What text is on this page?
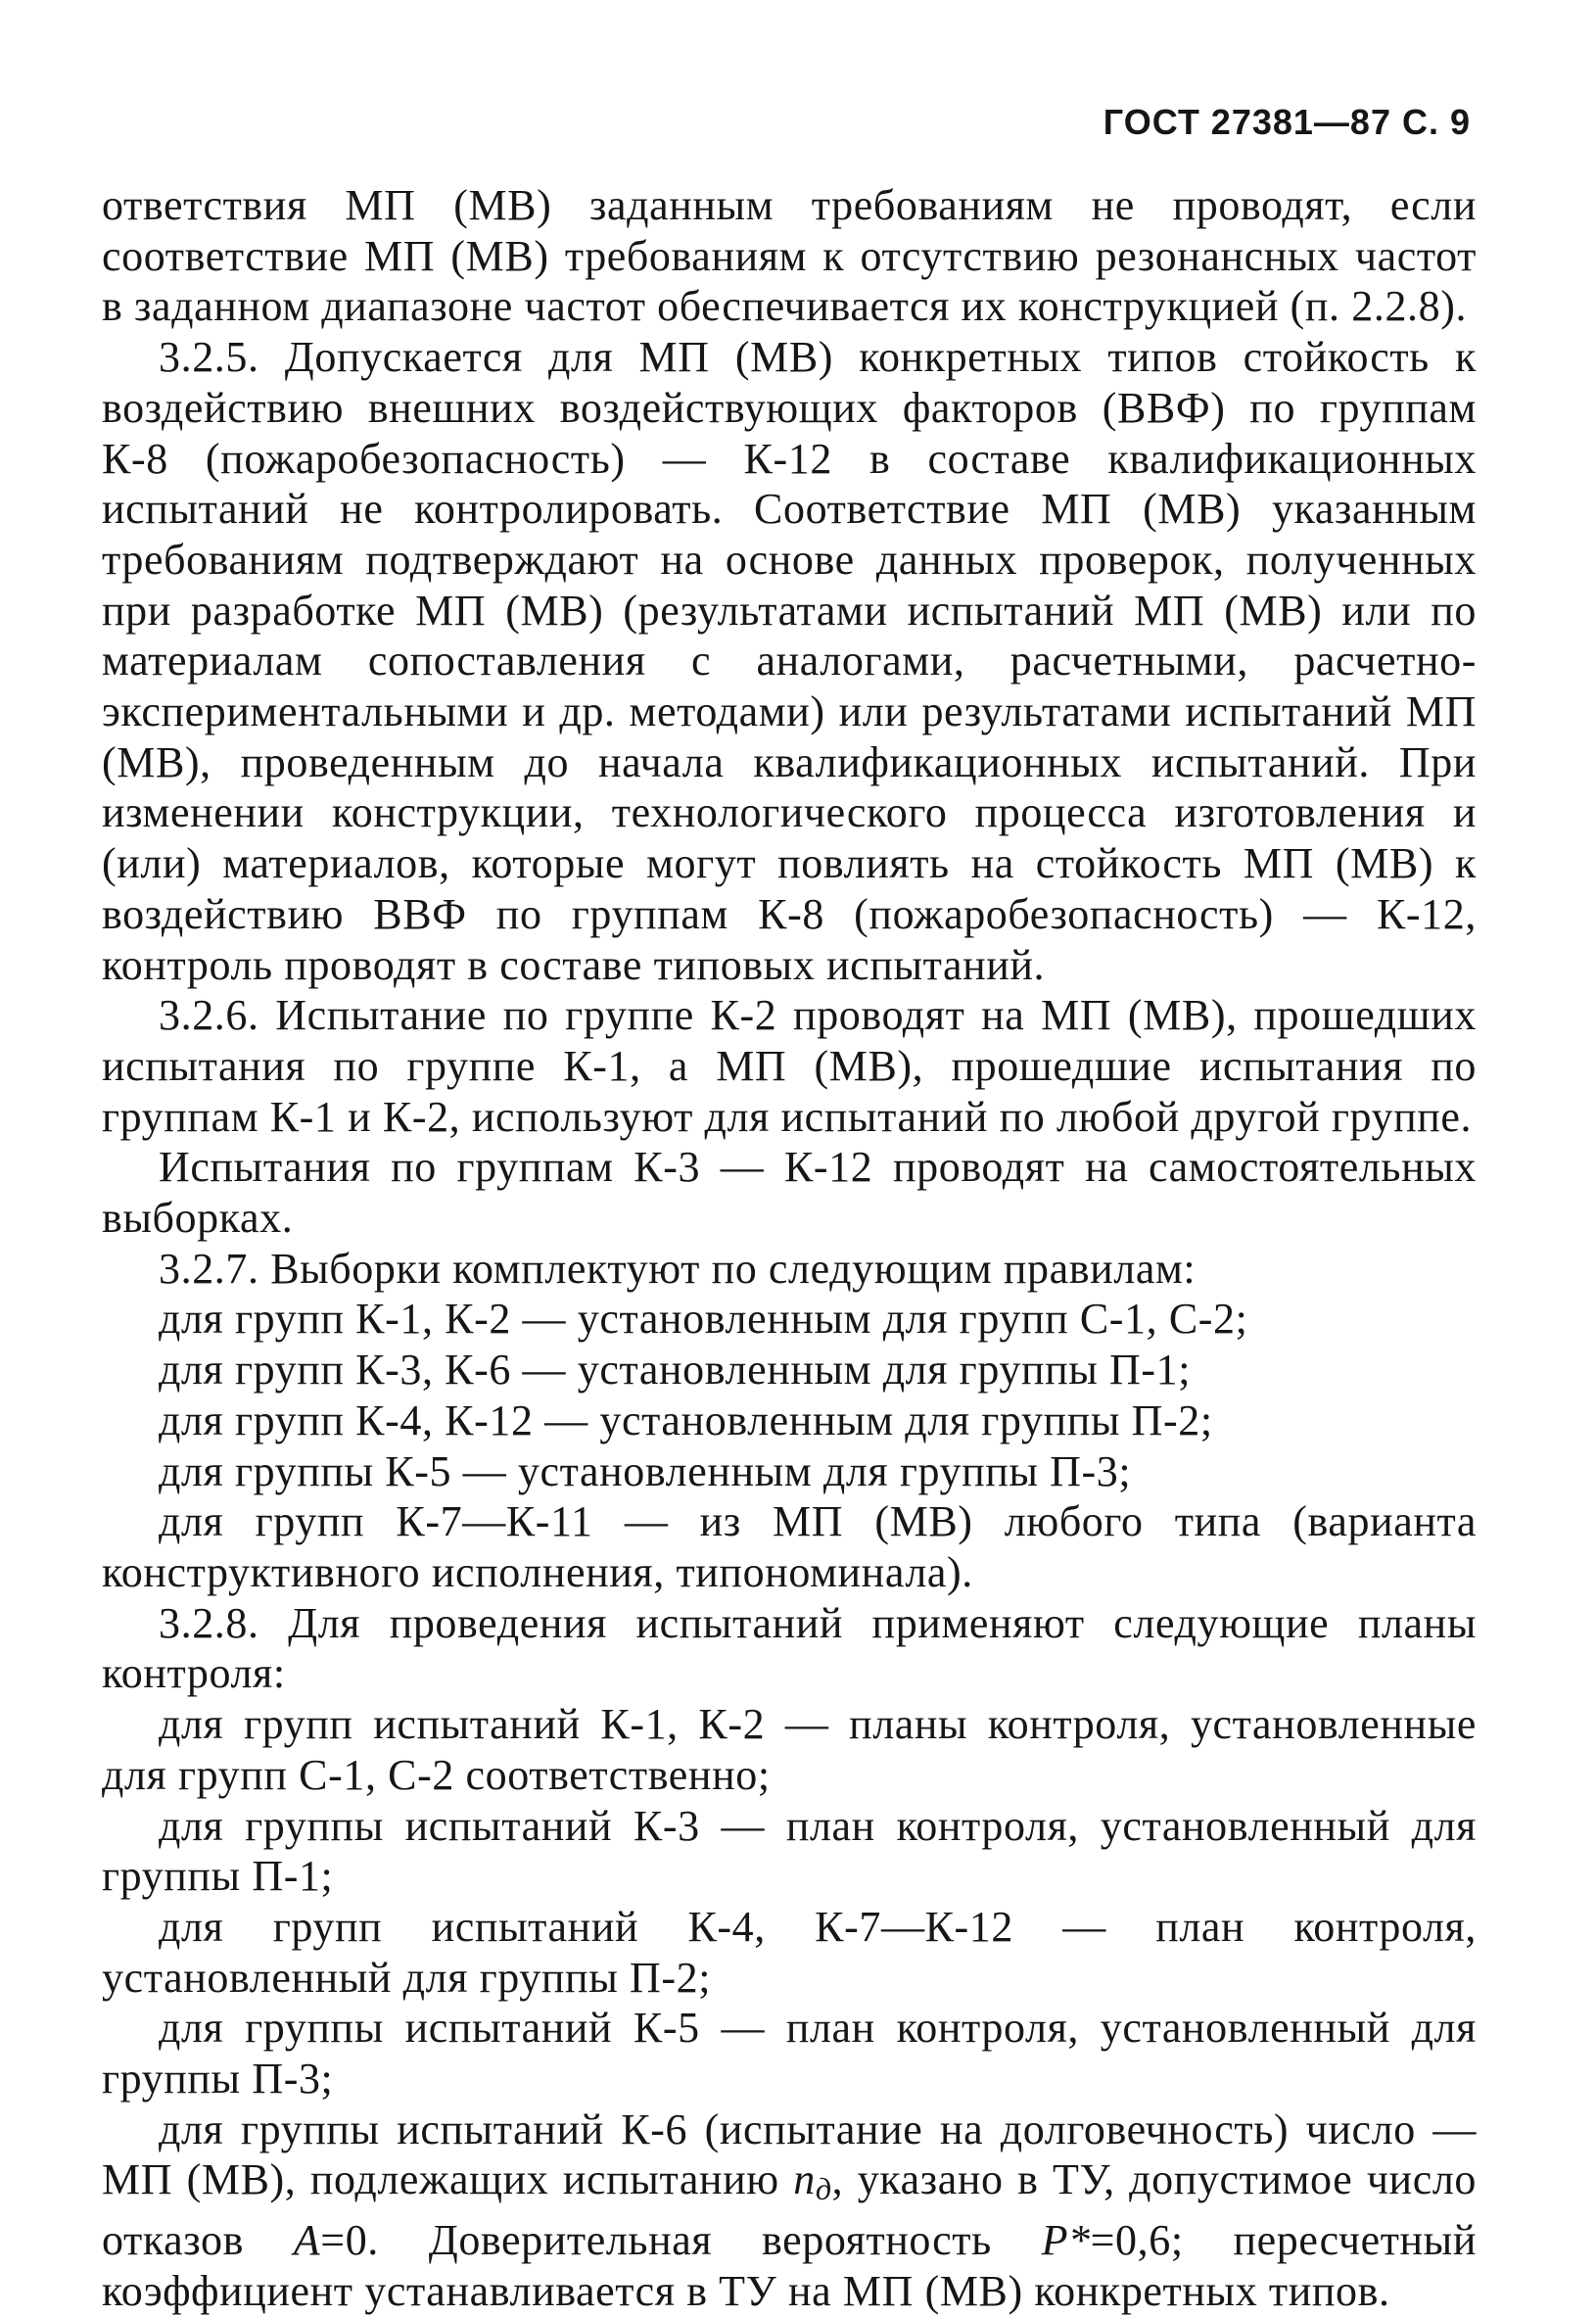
ГОСТ 27381—87 С. 9

ответствия МП (МВ) заданным требованиям не проводят, если соответствие МП (МВ) требованиям к отсутствию резонансных частот в заданном диапазоне частот обеспечивается их конструкцией (п. 2.2.8).

3.2.5. Допускается для МП (МВ) конкретных типов стойкость к воздействию внешних воздействующих факторов (ВВФ) по группам К-8 (пожаробезопасность) — К-12 в составе квалификационных испытаний не контролировать. Соответствие МП (МВ) указанным требованиям подтверждают на основе данных проверок, полученных при разработке МП (МВ) (результатами испытаний МП (МВ) или по материалам сопоставления с аналогами, расчетными, расчетно-экспериментальными и др. методами) или результатами испытаний МП (МВ), проведенным до начала квалификационных испытаний. При изменении конструкции, технологического процесса изготовления и (или) материалов, которые могут повлиять на стойкость МП (МВ) к воздействию ВВФ по группам К-8 (пожаробезопасность) — К-12, контроль проводят в составе типовых испытаний.

3.2.6. Испытание по группе К-2 проводят на МП (МВ), прошедших испытания по группе К-1, а МП (МВ), прошедшие испытания по группам К-1 и К-2, используют для испытаний по любой другой группе.

Испытания по группам К-3 — К-12 проводят на самостоятельных выборках.

3.2.7. Выборки комплектуют по следующим правилам:

для групп К-1, К-2 — установленным для групп С-1, С-2;

для групп К-3, К-6 — установленным для группы П-1;

для групп К-4, К-12 — установленным для группы П-2;

для группы К-5 — установленным для группы П-3;

для групп К-7—К-11 — из МП (МВ) любого типа (варианта конструктивного исполнения, типономинала).

3.2.8. Для проведения испытаний применяют следующие планы контроля:

для групп испытаний К-1, К-2 — планы контроля, установленные для групп С-1, С-2 соответственно;

для группы испытаний К-3 — план контроля, установленный для группы П-1;

для групп испытаний К-4, К-7—К-12 — план контроля, установленный для группы П-2;

для группы испытаний К-5 — план контроля, установленный для группы П-3;

для группы испытаний К-6 (испытание на долговечность) число — МП (МВ), подлежащих испытанию nд, указано в ТУ, допустимое число отказов A=0. Доверительная вероятность P*=0,6; пересчетный коэффициент устанавливается в ТУ на МП (МВ) конкретных типов.
